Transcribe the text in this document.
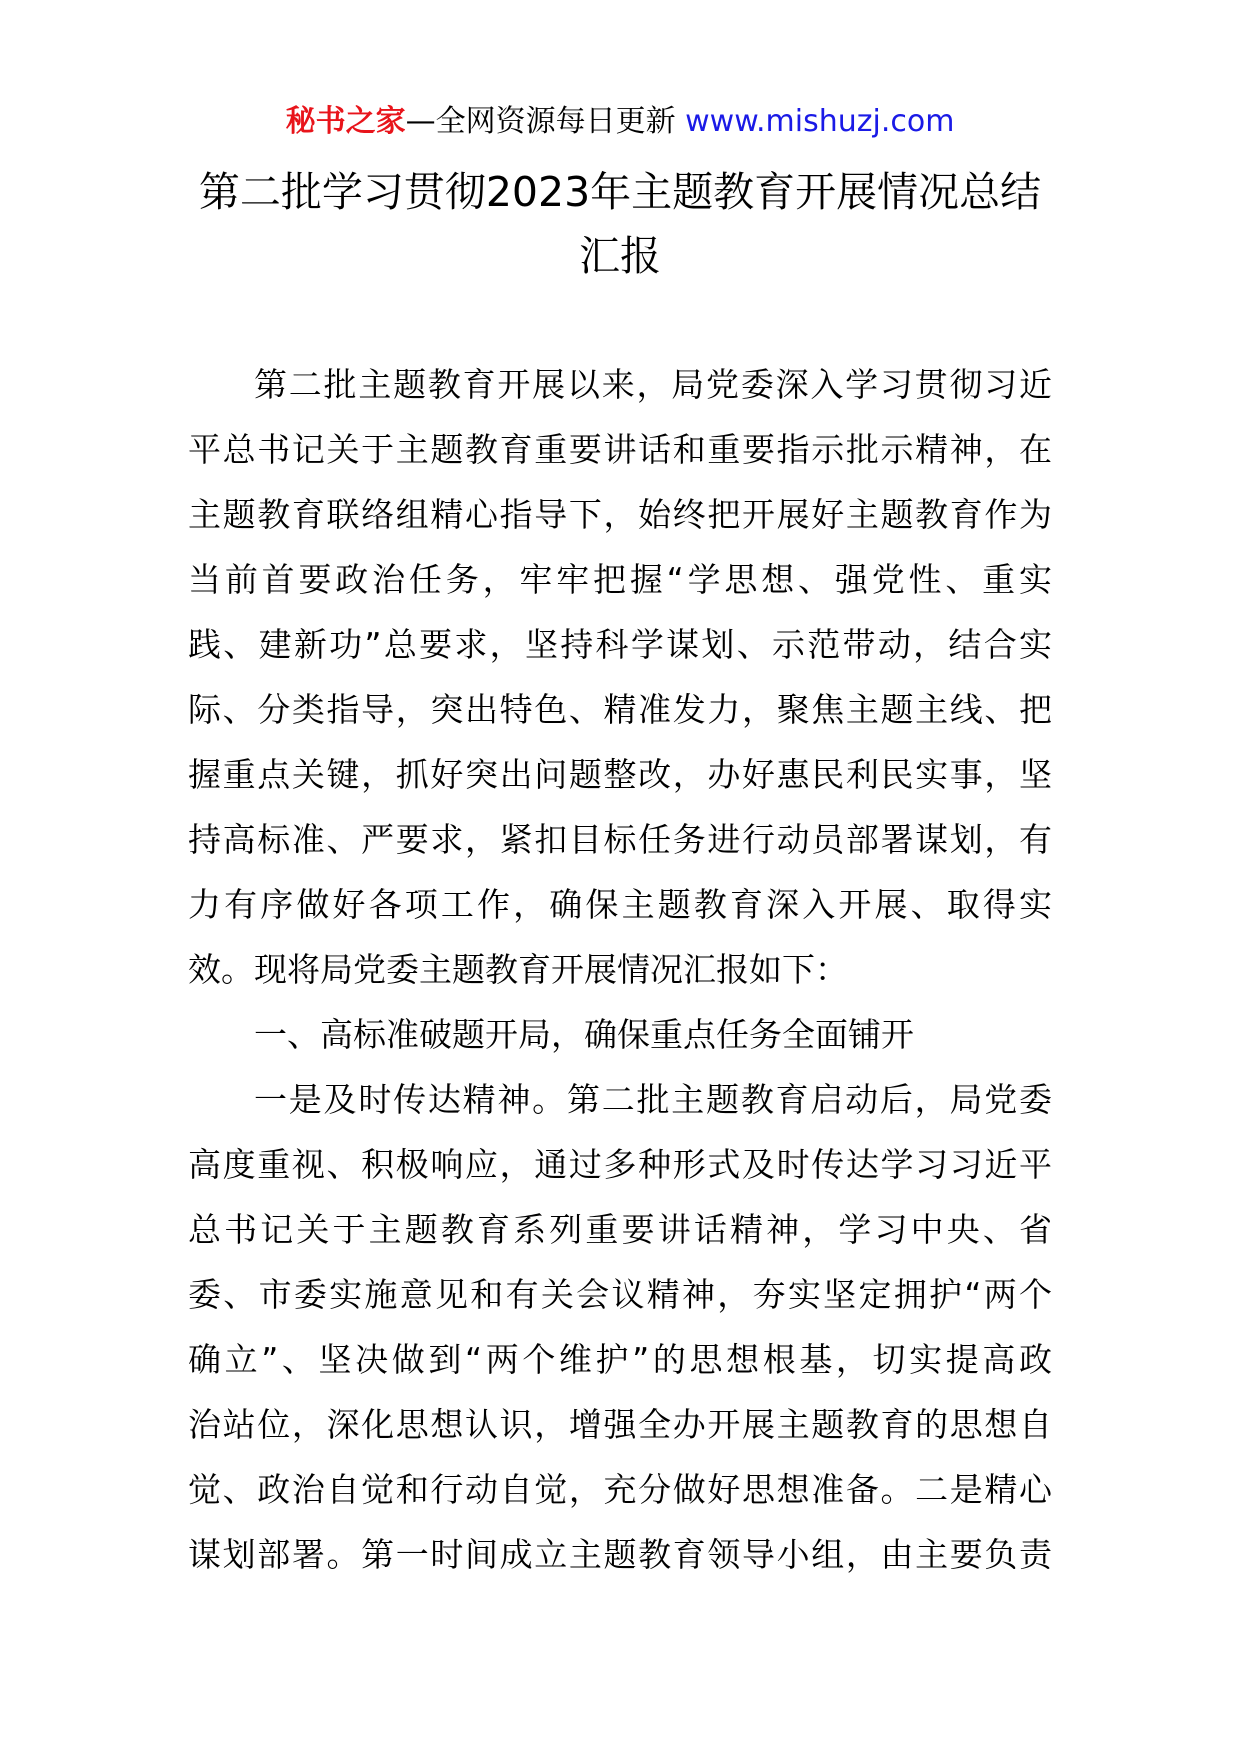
秘书之家—全网资源每日更新 www.mishuzj.com
第二批学习贯彻2023年主题教育开展情况总结
汇报
第二批主题教育开展以来，局党委深入学习贯彻习近
平总书记关于主题教育重要讲话和重要指示批示精神，在
主题教育联络组精心指导下，始终把开展好主题教育作为
当前首要政治任务，牢牢把握“学思想、强党性、重实
践、建新功”总要求，坚持科学谋划、示范带动，结合实
际、分类指导，突出特色、精准发力，聚焦主题主线、把
握重点关键，抓好突出问题整改，办好惠民利民实事，坚
持高标准、严要求，紧扣目标任务进行动员部署谋划，有
力有序做好各项工作，确保主题教育深入开展、取得实
效。现将局党委主题教育开展情况汇报如下：
一、高标准破题开局，确保重点任务全面铺开
一是及时传达精神。第二批主题教育启动后，局党委
高度重视、积极响应，通过多种形式及时传达学习习近平
总书记关于主题教育系列重要讲话精神，学习中央、省
委、市委实施意见和有关会议精神，夯实坚定拥护“两个
确立”、坚决做到“两个维护”的思想根基，切实提高政
治站位，深化思想认识，增强全办开展主题教育的思想自
觉、政治自觉和行动自觉，充分做好思想准备。二是精心
谋划部署。第一时间成立主题教育领导小组，由主要负责
